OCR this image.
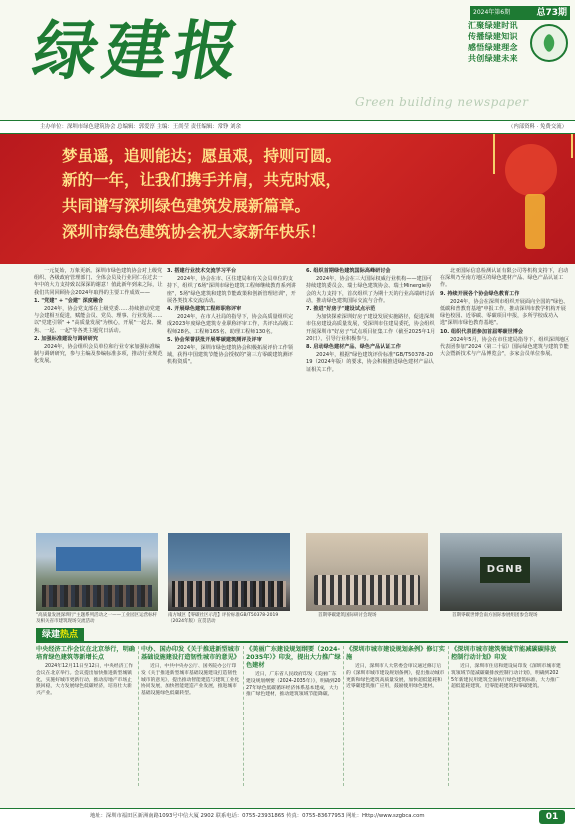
绿建报
Green building newspaper
2024年第6期	总73期
汇聚绿建时讯
传播绿建知识
感悟绿建理念
共创绿建未来
主办单位：深圳市绿色建筑协会 总编辑：郭爱淳 主编：王尚莹 责任编辑：常铮 刘余	（内部资料 · 免费交流）
梦虽遥，追则能达；愿虽艰，持则可圆。
新的一年，让我们携手并肩，共克时艰，
共同谱写深圳绿色建筑发展新篇章。
深圳市绿色建筑协会祝大家新年快乐！

一元复始，万象更新。深圳市绿色建筑协会对上级党组织、各级政府管理部门、全体会员及行业同仁在过去一年中的大力支持致以深深的谢意！值此新年到来之际，让我们共同回顾协会2024年取得的主要工作成效——

1. "党建" + "会建" 深度融合

2024年，协会党支部在上级党委……持续推动党建与会建相互促进，赋能会员、党员、理事、行业发展……以"党建引领" + "高质量发展"为核心，开展"一起去、聚焦、一起、一起"等各类主题党日活动。

2. 加强标准建设与调研研究

2024年，协会组织会员单位和行业专家加强标准编制与调研研究，参与主编及参编标准多项，推动行业规范化发展。

3. 搭建行业技术交流学习平台

2024年，协会在市、区住建局和有关会员单位的支持下，组织了6场"深圳市绿色建筑工程师继续教育系列讲座"，5场"绿色建筑和建筑节能政策和创新管理培训"，开展各类技术交流活动。

4. 开展绿色建筑工程师职称评审

2024年，在市人社局的指导下，协会高质量组织完成2023年度绿色建筑专业职称评审工作，共评出高级工程师28名、工程师165名、助理工程师130名。

5. 协会荣誉获批开展零碳建筑测评及评审

2024年，深圳市绿色建筑协会积极拓展评价工作领域，获得中国建筑节能协会授权的"第三方零碳建筑测评机构资质"。

6. 组织首期绿色建筑国际高峰研讨会

2024年，协会在三大国际权威行业机构——建国可持续建筑委员会、瑞士绿色建筑协会、瑞士Minergie协会的大力支持下，首次组织了为期十天的行业高端研讨活动，推动绿色建筑国际交流与合作。

7. 推进"好房子"建设试点示范

为加快探索深圳好房子建设发展实施路径，促进深圳市住房建设高质量发展，受深圳市住建局委托，协会组织开展深圳市"好房子"试点项目征集工作（截至2025年1月20日），引导行业积极参与。

8. 启动绿色建材产品、绿色产品认证工作

2024年，根据"绿色建筑评价标准"GB/T50378-2019（2024年版）的要求，协会积极推进绿色建材产品认证相关工作。

北亚国际信息检测认证有限公司等机构支持下，启动在深圳乃至南方地区的绿色建材产品、绿色产品认证工作。

9. 持续开展各个协会绿色教育工作

2024年，协会在深圳市组织开展面向全国的"绿色、低碳和普教育基地"申报工作，推动深圳市教学机构开展绿色校园、近零碳、零碳项目申报，多所学校成功入选"深圳市绿色教育基地"。

10. 组织代表团参加首届零碳世博会

2024年5月，协会在市住建局指导下，组织深圳地区代表团参加"2024（第二十届）国际绿色建筑与建筑节能大会暨新技术与产品博览会"，多家会员单位参展。

"高质量发展深圳行"主题系列活动之一——工业园区运营标杆及相关省市建筑现场交流活动
南方城区【零碳社区示范】评价标准GB/T50378-2019（2024年版）宣贯活动
首期零碳建筑国际研讨会现场
DGNB
首期零碳世博会南方国际参展组团参会现场
绿建热点
中央经济工作会议在北京举行，明确培育绿色建筑等新增长点

2024年12月11日至12日，中央经济工作会议在北京举行。会议提出加快推进新型城镇化，实施好城市更新行动，推动房地产市场止跌回稳，大力发展绿色低碳经济，培育壮大新兴产业。

中办、国办印发《关于推进新型城市基础设施建设打造韧性城市的意见》

近日，中共中央办公厅、国务院办公厅印发《关于推进新型城市基础设施建设打造韧性城市的意见》，提出推动智能建造与建筑工业化协同发展，加快智能建造产业发展，推进城市基础设施绿色低碳转型。

《美丽广东建设规划纲要（2024-2035年）》印发，提出大力推广绿色建材

近日，广东省人民政府印发《美丽广东建设规划纲要（2024-2035年）》，明确到2027年绿色低碳循环经济体系基本建成，大力推广绿色建材，推动建筑领域节能降碳。

《深圳市城市建设规划条例》修订实施

近日，深圳市人大常委会审议通过修订后的《深圳市城市建设规划条例》，提出推动城市更新和绿色建筑高质量发展，加快超低能耗和近零碳建筑推广应用，鼓励使用绿色建材。

《深圳市城市建筑领域节能减碳碳排放控制行动计划》印发

近日，深圳市住房和建设局印发《深圳市城市建筑领域节能减碳碳排放控制行动计划》，明确到2025年新建民用建筑全面执行绿色建筑标准，大力推广超低能耗建筑、近零能耗建筑和零碳建筑。

地址：深圳市福田区新洲南路1093号中信大厦 2902 联系电话：0755-23931865 传真：0755-83677953 网址：Http://www.szgbca.com	01
